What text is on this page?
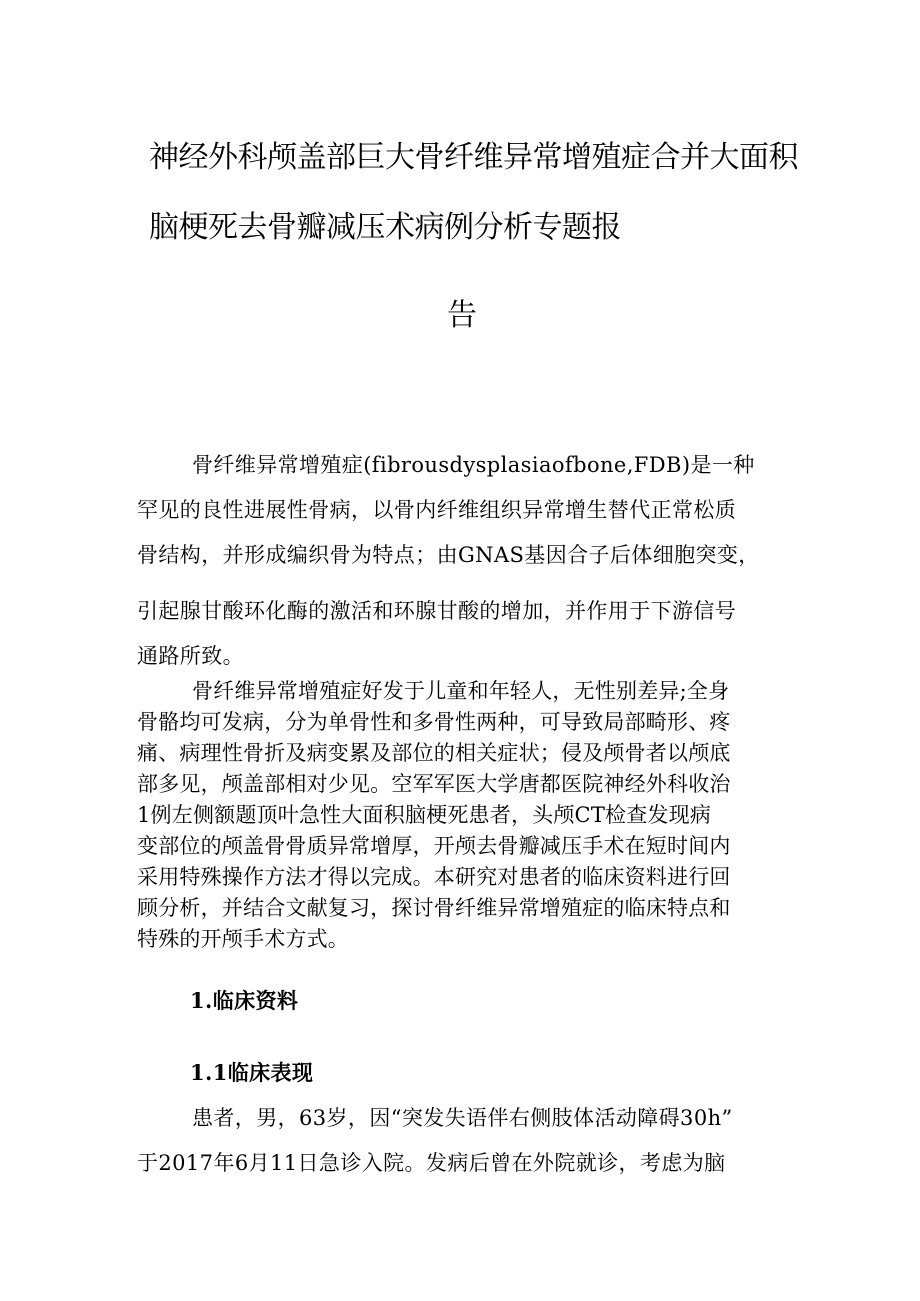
神经外科颅盖部巨大骨纤维异常增殖症合并大面积
脑梗死去骨瓣减压术病例分析专题报
告

骨纤维异常增殖症(fibrousdysplasiaofbone,FDB)是一种

罕见的良性进展性骨病，以骨内纤维组织异常增生替代正常松质

骨结构，并形成编织骨为特点；由GNAS基因合子后体细胞突变，

引起腺甘酸环化酶的激活和环腺甘酸的增加，并作用于下游信号

通路所致。

骨纤维异常增殖症好发于儿童和年轻人，无性别差异;全身

骨骼均可发病，分为单骨性和多骨性两种，可导致局部畸形、疼

痛、病理性骨折及病变累及部位的相关症状；侵及颅骨者以颅底

部多见，颅盖部相对少见。空军军医大学唐都医院神经外科收治

1例左侧额题顶叶急性大面积脑梗死患者，头颅CT检查发现病

变部位的颅盖骨骨质异常增厚，开颅去骨瓣减压手术在短时间内

采用特殊操作方法才得以完成。本研究对患者的临床资料进行回

顾分析，并结合文献复习，探讨骨纤维异常增殖症的临床特点和

特殊的开颅手术方式。

1.临床资料
1.1临床表现

患者，男，63岁，因“突发失语伴右侧肢体活动障碍30h”

于2017年6月11日急诊入院。发病后曾在外院就诊，考虑为脑
